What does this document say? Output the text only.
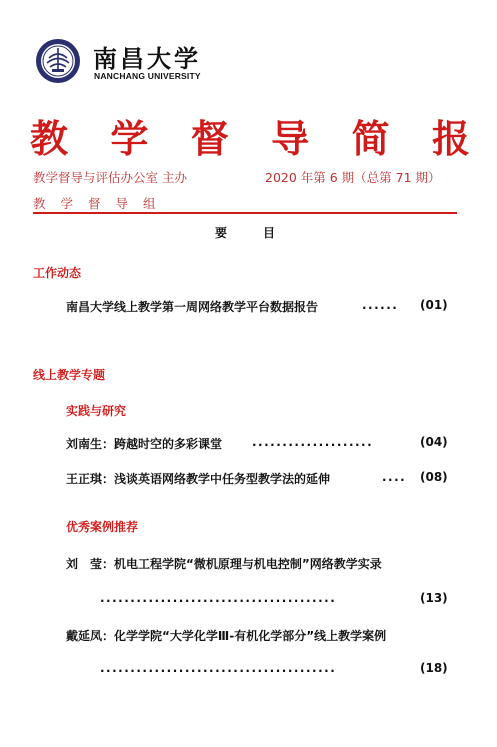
南昌大学
NANCHANG UNIVERSITY
教 学 督 导 简 报
教学督导与评估办公室 主办	2020 年第 6 期（总第 71 期）
教学督导组
要目
工作动态
南昌大学线上教学第一周网络教学平台数据报告	...... (01)
线上教学专题
实践与研究
刘南生：跨越时空的多彩课堂 ....................	(04)
王正琪：浅谈英语网络教学中任务型教学法的延伸	.... (08)
优秀案例推荐
刘　莹：机电工程学院“微机原理与机电控制”网络教学实录
.......................................	(13)
戴延凤：化学学院“大学化学Ⅲ-有机化学部分”线上教学案例
.......................................	(18)
